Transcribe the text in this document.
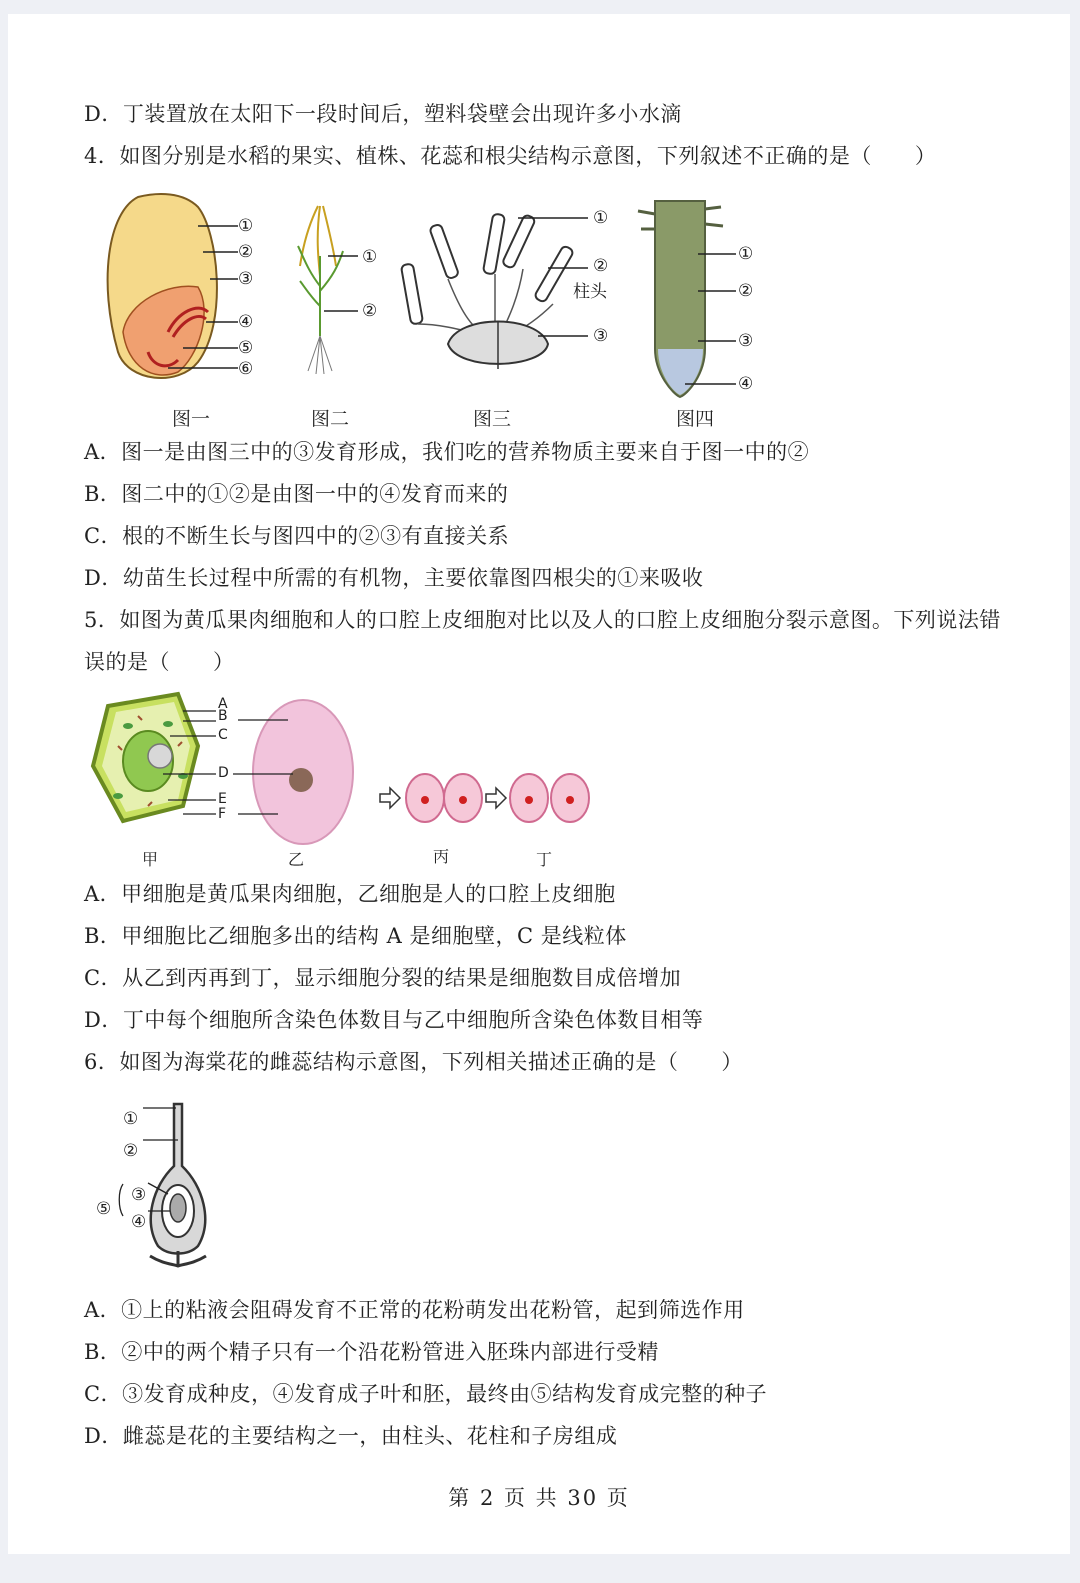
D．丁装置放在太阳下一段时间后，塑料袋壁会出现许多小水滴
4．如图分别是水稻的果实、植株、花蕊和根尖结构示意图，下列叙述不正确的是（　　）
①
②
③
④
⑤
⑥
图一
①
②
图二
①
②
柱头
③
图三
①
②
③
④
图四
A．图一是由图三中的③发育形成，我们吃的营养物质主要来自于图一中的②
B．图二中的①②是由图一中的④发育而来的
C．根的不断生长与图四中的②③有直接关系
D．幼苗生长过程中所需的有机物，主要依靠图四根尖的①来吸收
5．如图为黄瓜果肉细胞和人的口腔上皮细胞对比以及人的口腔上皮细胞分裂示意图。下列说法错
误的是（　　）
A
B
C
D
E
F
甲	乙	丙	丁
A．甲细胞是黄瓜果肉细胞，乙细胞是人的口腔上皮细胞
B．甲细胞比乙细胞多出的结构 A 是细胞壁，C 是线粒体
C．从乙到丙再到丁，显示细胞分裂的结果是细胞数目成倍增加
D．丁中每个细胞所含染色体数目与乙中细胞所含染色体数目相等
6．如图为海棠花的雌蕊结构示意图，下列相关描述正确的是（　　）
①
②
③
④
⑤
A．①上的粘液会阻碍发育不正常的花粉萌发出花粉管，起到筛选作用
B．②中的两个精子只有一个沿花粉管进入胚珠内部进行受精
C．③发育成种皮，④发育成子叶和胚，最终由⑤结构发育成完整的种子
D．雌蕊是花的主要结构之一，由柱头、花柱和子房组成
第 2 页 共 30 页
